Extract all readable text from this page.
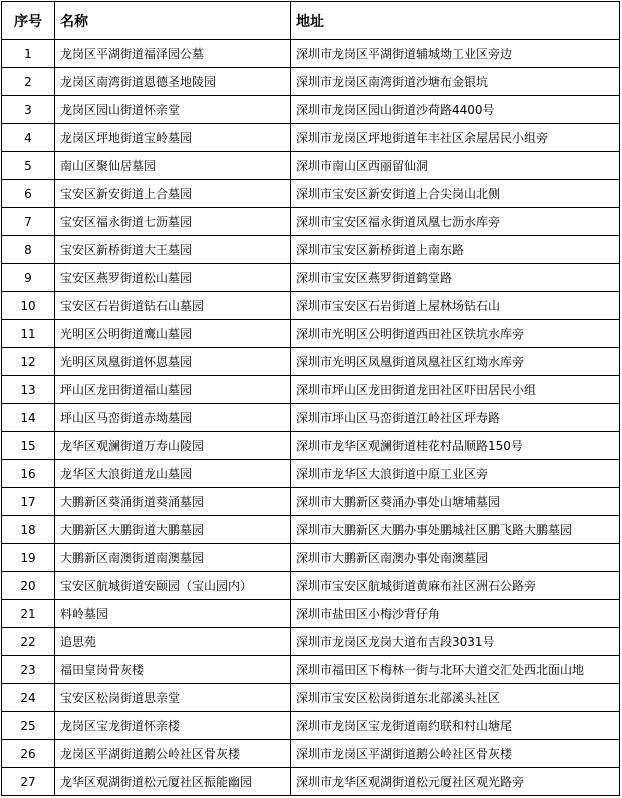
序号	名称	地址
1	龙岗区平湖街道福泽园公墓	深圳市龙岗区平湖街道辅城坳工业区旁边
2	龙岗区南湾街道恩德圣地陵园	深圳市龙岗区南湾街道沙塘布金银坑
3	龙岗区园山街道怀亲堂	深圳市龙岗区园山街道沙荷路4400号
4	龙岗区坪地街道宝岭墓园	深圳市龙岗区坪地街道年丰社区余屋居民小组旁
5	南山区聚仙居墓园	深圳市南山区西丽留仙洞
6	宝安区新安街道上合墓园	深圳市宝安区新安街道上合尖岗山北侧
7	宝安区福永街道七沥墓园	深圳市宝安区福永街道凤凰七沥水库旁
8	宝安区新桥街道大王墓园	深圳市宝安区新桥街道上南东路
9	宝安区燕罗街道松山墓园	深圳市宝安区燕罗街道鹤堂路
10	宝安区石岩街道钻石山墓园	深圳市宝安区石岩街道上屋林场钻石山
11	光明区公明街道鹰山墓园	深圳市光明区公明街道西田社区铁坑水库旁
12	光明区凤凰街道怀恩墓园	深圳市光明区凤凰街道凤凰社区红坳水库旁
13	坪山区龙田街道福山墓园	深圳市坪山区龙田街道龙田社区吓田居民小组
14	坪山区马峦街道赤坳墓园	深圳市坪山区马峦街道江岭社区坪寿路
15	龙华区观澜街道万寿山陵园	深圳市龙华区观澜街道桂花村品顺路150号
16	龙华区大浪街道龙山墓园	深圳市龙华区大浪街道中原工业区旁
17	大鹏新区葵涌街道葵涌墓园	深圳市大鹏新区葵涌办事处山塘埔墓园
18	大鹏新区大鹏街道大鹏墓园	深圳市大鹏新区大鹏办事处鹏城社区鹏飞路大鹏墓园
19	大鹏新区南澳街道南澳墓园	深圳市大鹏新区南澳办事处南澳墓园
20	宝安区航城街道安颐园（宝山园内）	深圳市宝安区航城街道黄麻布社区洲石公路旁
21	料岭墓园	深圳市盐田区小梅沙背仔角
22	追思苑	深圳市龙岗区龙岗大道布吉段3031号
23	福田皇岗骨灰楼	深圳市福田区下梅林一街与北环大道交汇处西北面山地
24	宝安区松岗街道思亲堂	深圳市宝安区松岗街道东北部溪头社区
25	龙岗区宝龙街道怀亲楼	深圳市龙岗区宝龙街道南约联和村山塘尾
26	龙岗区平湖街道鹅公岭社区骨灰楼	深圳市龙岗区平湖街道鹅公岭社区骨灰楼
27	龙华区观湖街道松元厦社区振能幽园	深圳市龙华区观湖街道松元厦社区观光路旁
